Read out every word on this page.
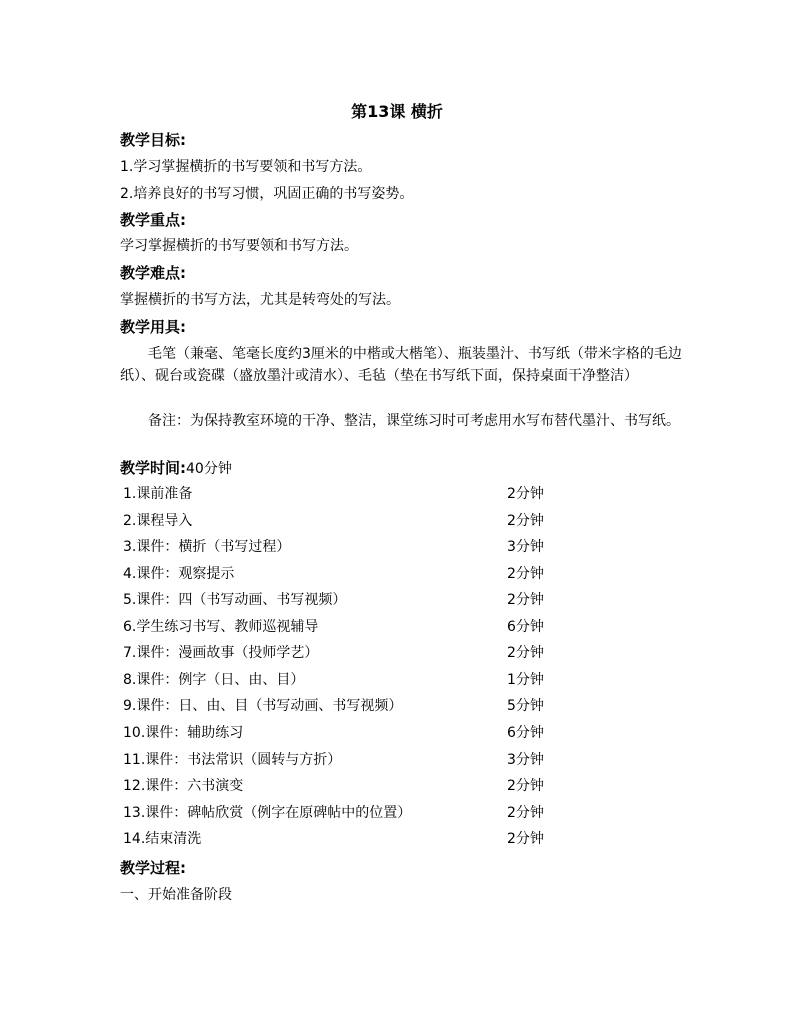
第13课 横折
教学目标:
1.学习掌握横折的书写要领和书写方法。
2.培养良好的书写习惯，巩固正确的书写姿势。
教学重点:
学习掌握横折的书写要领和书写方法。
教学难点:
掌握横折的书写方法，尤其是转弯处的写法。
教学用具:
毛笔（兼毫、笔毫长度约3厘米的中楷或大楷笔）、瓶装墨汁、书写纸（带米字格的毛边纸）、砚台或瓷碟（盛放墨汁或清水）、毛毡（垫在书写纸下面，保持桌面干净整洁）
备注：为保持教室环境的干净、整洁，课堂练习时可考虑用水写布替代墨汁、书写纸。
教学时间:40分钟
1.课前准备	2分钟
2.课程导入	2分钟
3.课件：横折（书写过程）	3分钟
4.课件：观察提示	2分钟
5.课件：四（书写动画、书写视频）	2分钟
6.学生练习书写、教师巡视辅导	6分钟
7.课件：漫画故事（投师学艺）	2分钟
8.课件：例字（日、由、目）	1分钟
9.课件：日、由、目（书写动画、书写视频）	5分钟
10.课件：辅助练习	6分钟
11.课件：书法常识（圆转与方折）	3分钟
12.课件：六书演变	2分钟
13.课件：碑帖欣赏（例字在原碑帖中的位置）	2分钟
14.结束清洗	2分钟
教学过程:
一、开始准备阶段
